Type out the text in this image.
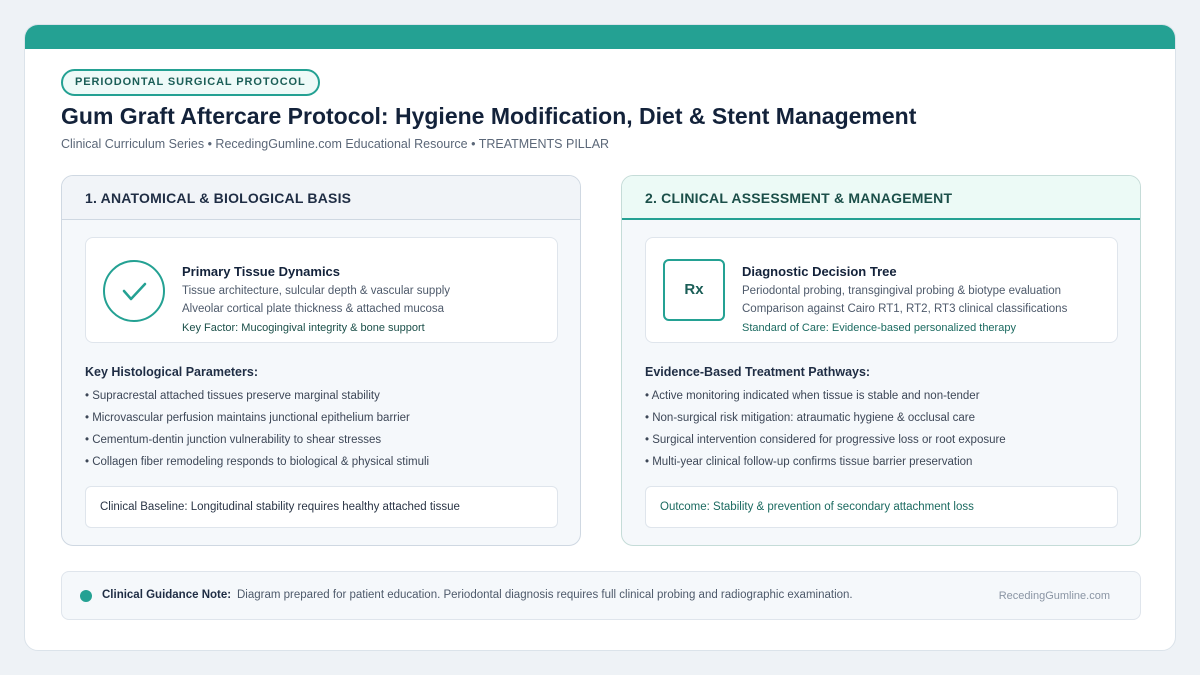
PERIODONTAL SURGICAL PROTOCOL
Gum Graft Aftercare Protocol: Hygiene Modification, Diet & Stent Management
Clinical Curriculum Series • RecedingGumline.com Educational Resource • TREATMENTS PILLAR
1. ANATOMICAL & BIOLOGICAL BASIS
Primary Tissue Dynamics
Tissue architecture, sulcular depth & vascular supply
Alveolar cortical plate thickness & attached mucosa
Key Factor: Mucogingival integrity & bone support
Key Histological Parameters:
• Supracrestal attached tissues preserve marginal stability
• Microvascular perfusion maintains junctional epithelium barrier
• Cementum-dentin junction vulnerability to shear stresses
• Collagen fiber remodeling responds to biological & physical stimuli
Clinical Baseline: Longitudinal stability requires healthy attached tissue
2. CLINICAL ASSESSMENT & MANAGEMENT
Rx
Diagnostic Decision Tree
Periodontal probing, transgingival probing & biotype evaluation
Comparison against Cairo RT1, RT2, RT3 clinical classifications
Standard of Care: Evidence-based personalized therapy
Evidence-Based Treatment Pathways:
• Active monitoring indicated when tissue is stable and non-tender
• Non-surgical risk mitigation: atraumatic hygiene & occlusal care
• Surgical intervention considered for progressive loss or root exposure
• Multi-year clinical follow-up confirms tissue barrier preservation
Outcome: Stability & prevention of secondary attachment loss
Clinical Guidance Note: Diagram prepared for patient education. Periodontal diagnosis requires full clinical probing and radiographic examination.	RecedingGumline.com
